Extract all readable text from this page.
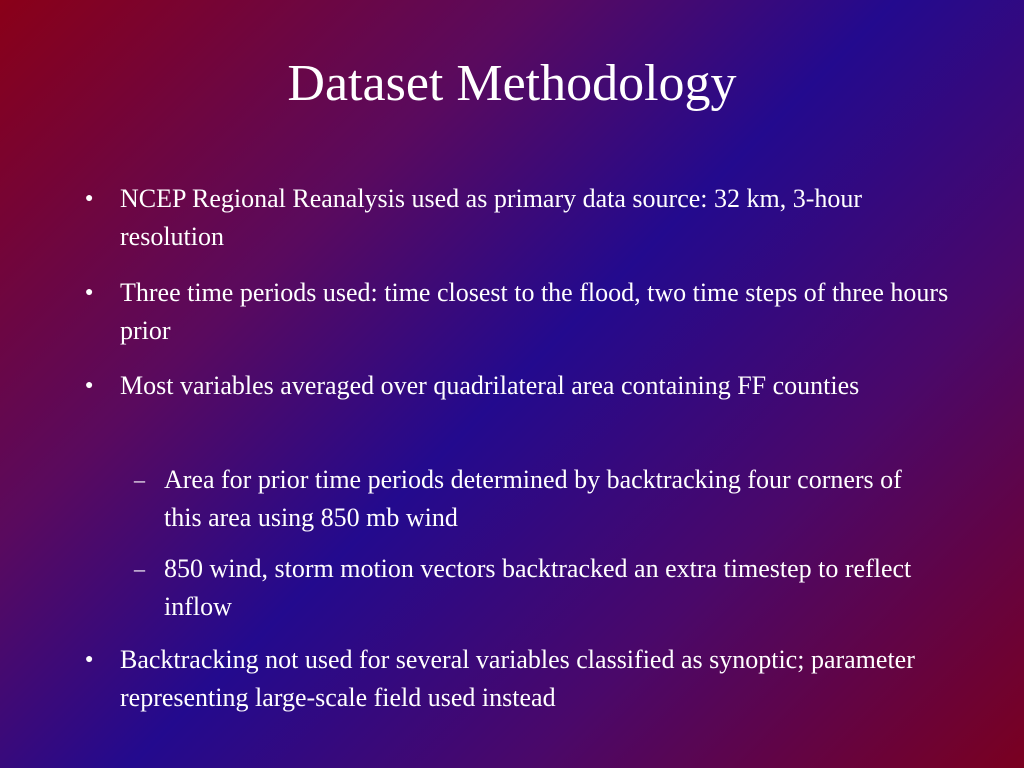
Dataset Methodology
● NCEP Regional Reanalysis used as primary data source: 32 km, 3-hour resolution
● Three time periods used: time closest to the flood, two time steps of three hours prior
● Most variables averaged over quadrilateral area containing FF counties
– Area for prior time periods determined by backtracking four corners of this area using 850 mb wind
– 850 wind, storm motion vectors backtracked an extra timestep to reflect inflow
● Backtracking not used for several variables classified as synoptic; parameter representing large-scale field used instead
